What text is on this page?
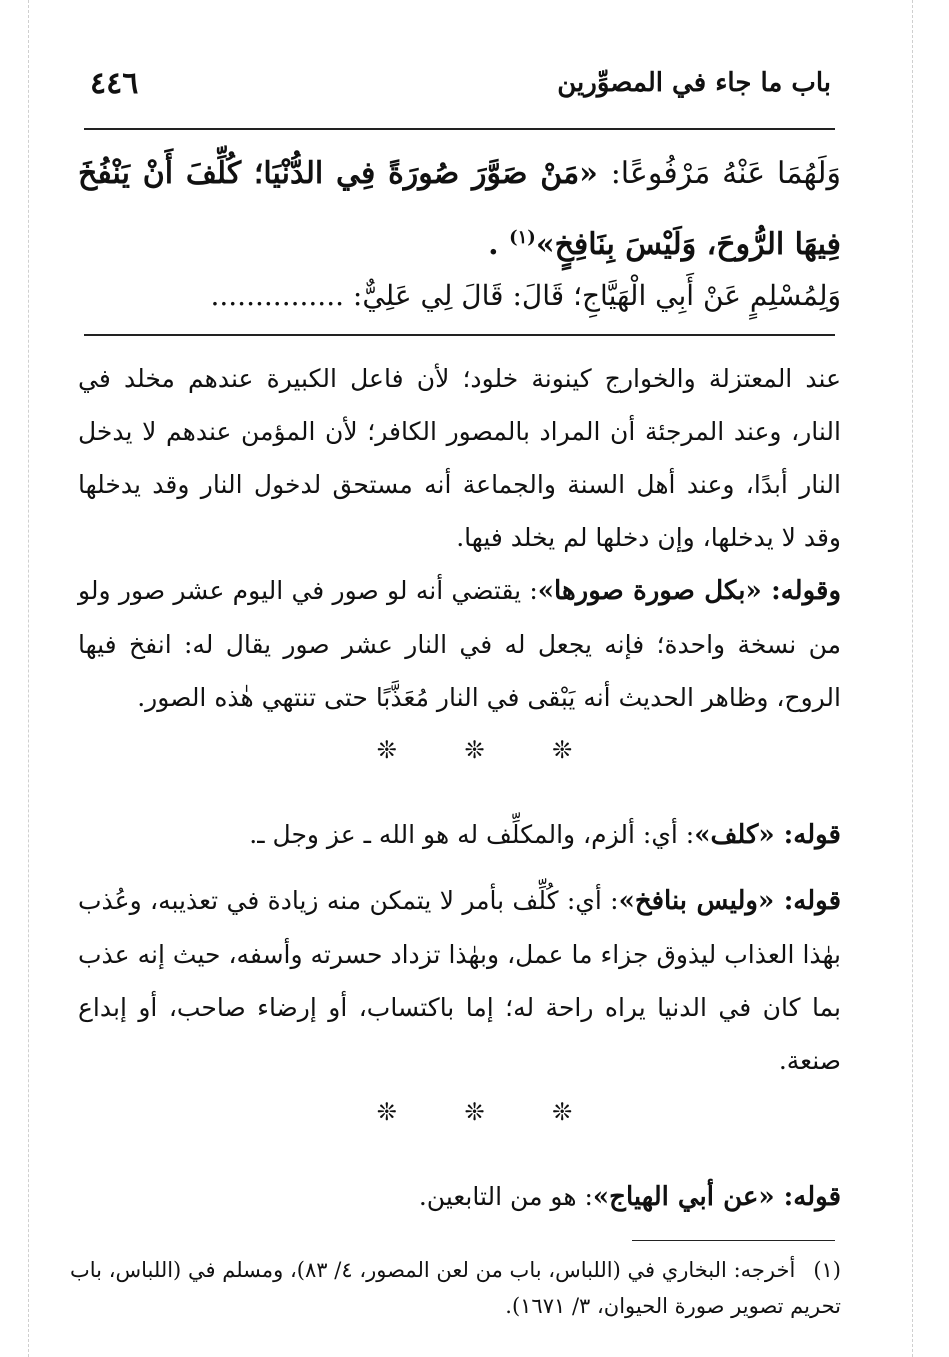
٤٤٦	باب ما جاء في المصوِّرين
وَلَهُمَا عَنْهُ مَرْفُوعًا: «مَنْ صَوَّرَ صُورَةً فِي الدُّنْيَا؛ كُلِّفَ أَنْ يَنْفُخَ فِيهَا الرُّوحَ، وَلَيْسَ بِنَافِخٍ»$^{(١)}$ .
وَلِمُسْلِمٍ عَنْ أَبِي الْهَيَّاجِ؛ قَالَ: قَالَ لِي عَلِيٌّ: ...............
عند المعتزلة والخوارج كينونة خلود؛ لأن فاعل الكبيرة عندهم مخلد في النار، وعند المرجئة أن المراد بالمصور الكافر؛ لأن المؤمن عندهم لا يدخل النار أبدًا، وعند أهل السنة والجماعة أنه مستحق لدخول النار وقد يدخلها وقد لا يدخلها، وإن دخلها لم يخلد فيها.
وقوله: «بكل صورة صورها»: يقتضي أنه لو صور في اليوم عشر صور ولو من نسخة واحدة؛ فإنه يجعل له في النار عشر صور يقال له: انفخ فيها الروح، وظاهر الحديث أنه يَبْقى في النار مُعَذَّبًا حتى تنتهي هٰذه الصور.
❊ ❊ ❊
قوله: «كلف»: أي: ألزم، والمكلِّف له هو الله ـ عز وجل ـ.
قوله: «وليس بنافخ»: أي: كُلِّف بأمر لا يتمكن منه زيادة في تعذيبه، وعُذب بهٰذا العذاب ليذوق جزاء ما عمل، وبهٰذا تزداد حسرته وأسفه، حيث إنه عذب بما كان في الدنيا يراه راحة له؛ إما باكتساب، أو إرضاء صاحب، أو إبداع صنعة.
❊ ❊ ❊
قوله: «عن أبي الهياج»: هو من التابعين.
(١)أخرجه: البخاري في (اللباس، باب من لعن المصور، ٤/ ٨٣)، ومسلم في (اللباس، باب تحريم تصوير صورة الحيوان، ٣/ ١٦٧١).
